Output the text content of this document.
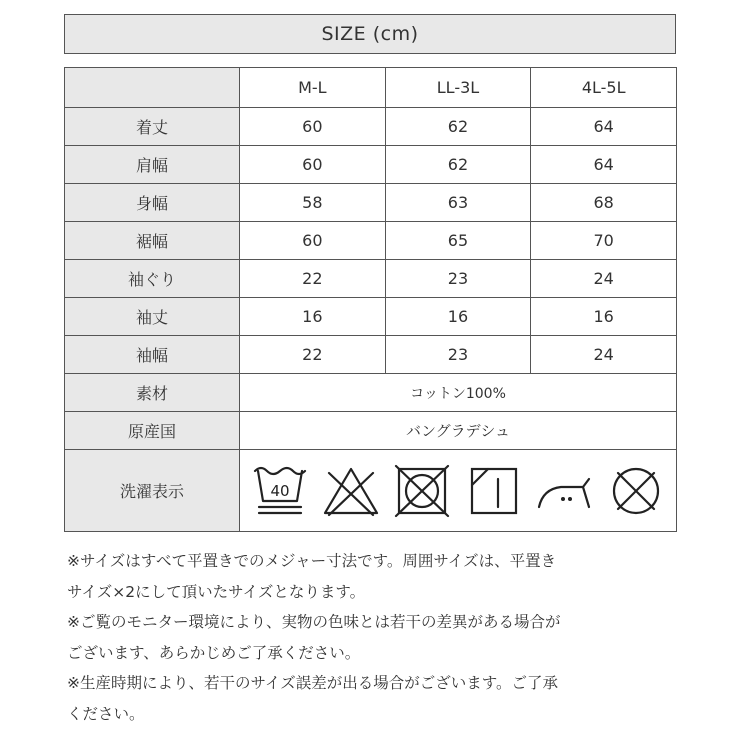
SIZE (cm)
	M-L	LL-3L	4L-5L
着丈	60	62	64
肩幅	60	62	64
身幅	58	63	68
裾幅	60	65	70
袖ぐり	22	23	24
袖丈	16	16	16
袖幅	22	23	24
素材	コットン100%		
原産国	バングラデシュ		
洗濯表示	40		

※サイズはすべて平置きでのメジャー寸法です。周囲サイズは、平置き

サイズ×2にして頂いたサイズとなります。

※ご覧のモニター環境により、実物の色味とは若干の差異がある場合が

ございます、あらかじめご了承ください。

※生産時期により、若干のサイズ誤差が出る場合がございます。ご了承

ください。
